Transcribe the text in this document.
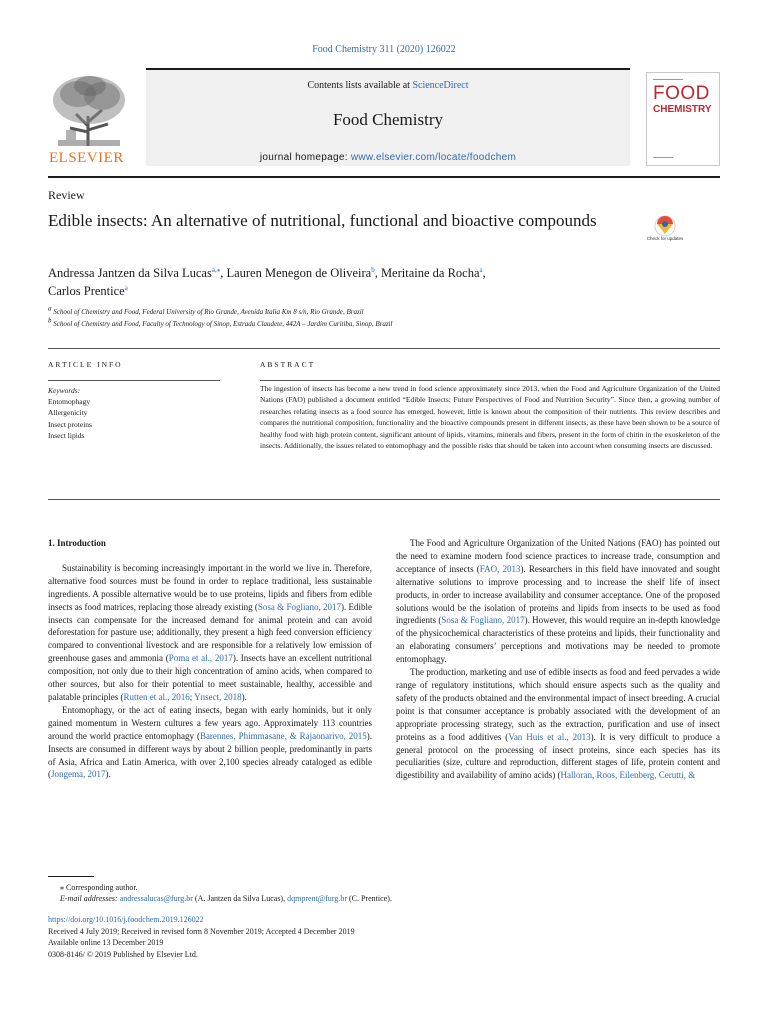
Food Chemistry 311 (2020) 126022
ELSEVIER
Contents lists available at ScienceDirect
Food Chemistry
journal homepage: www.elsevier.com/locate/foodchem
FOOD
CHEMISTRY
Review
Edible insects: An alternative of nutritional, functional and bioactive compounds
Check for updates
Andressa Jantzen da Silva Lucas$^{a,⁎}$, Lauren Menegon de Oliveira$^b$, Meritaine da Rocha$^a$,
Carlos Prentice$^a$
$^a$ School of Chemistry and Food, Federal University of Rio Grande, Avenida Italia Km 8 s/n, Rio Grande, Brazil
$^b$ School of Chemistry and Food, Faculty of Technology of Sinop, Estrada Claudete, 442A – Jardim Curitiba, Sinop, Brazil
ARTICLE INFO	ABSTRACT
Keywords:
Entomophagy
Allergenicity
Insect proteins
Insect lipids
The ingestion of insects has become a new trend in food science approximately since 2013, when the Food and Agriculture Organization of the United Nations (FAO) published a document entitled “Edible Insects: Future Perspectives of Food and Nutrition Security”. Since then, a growing number of researches relating insects as a food source has emerged, however, little is known about the composition of their nutrients. This review describes and compares the nutritional composition, functionality and the bioactive compounds present in different insects, as these have been shown to be a source of healthy food with high protein content, significant amount of lipids, vitamins, minerals and fibers, present in the form of chitin in the exoskeleton of the insects. Additionally, the issues related to entomophagy and the possible risks that should be taken into account when consuming insects are discussed.

1. Introduction

Sustainability is becoming increasingly important in the world we live in. Therefore, alternative food sources must be found in order to replace traditional, less sustainable ingredients. A possible alternative would be to use proteins, lipids and fibers from edible insects as food matrices, replacing those already existing (Sosa & Fogliano, 2017). Edible insects can compensate for the increased demand for animal protein and can avoid deforestation for pasture use; additionally, they present a high feed conversion efficiency compared to conventional livestock and are responsible for a relatively low emission of greenhouse gases and ammonia (Poma et al., 2017). Insects have an excellent nutritional composition, not only due to their high concentration of amino acids, when compared to other sources, but also for their potential to meet sustainable, healthy, accessible and palatable principles (Rutten et al., 2016; Ynsect, 2018).

Entomophagy, or the act of eating insects, began with early hominids, but it only gained momentum in Western cultures a few years ago. Approximately 113 countries around the world practice entomophagy (Barennes, Phimmasane, & Rajaonarivo, 2015). Insects are consumed in different ways by about 2 billion people, predominantly in parts of Asia, Africa and Latin America, with over 2,100 species already cataloged as edible (Jongema, 2017).

The Food and Agriculture Organization of the United Nations (FAO) has pointed out the need to examine modern food science practices to increase trade, consumption and acceptance of insects (FAO, 2013). Researchers in this field have innovated and sought alternative solutions to improve processing and to increase the shelf life of insect products, in order to increase availability and consumer acceptance. One of the proposed solutions would be the isolation of proteins and lipids from insects to be used as food ingredients (Sosa & Fogliano, 2017). However, this would require an in-depth knowledge of the physicochemical characteristics of these proteins and lipids, their functionality and an elaborating consumers’ perceptions and motivations may be needed to promote entomophagy.

The production, marketing and use of edible insects as food and feed pervades a wide range of regulatory institutions, which should ensure aspects such as the quality and safety of the products obtained and the environmental impact of insect breeding. A crucial point is that consumer acceptance is probably associated with the development of an appropriate processing strategy, such as the extraction, purification and use of insect proteins as a food additives (Van Huis et al., 2013). It is very difficult to produce a general protocol on the processing of insect proteins, since each species has its peculiarities (size, culture and reproduction, different stages of life, protein content and digestibility and availability of amino acids) (Halloran, Roos, Eilenberg, Cerutti, &

⁎ Corresponding author.
E-mail addresses: andressalucas@furg.br (A. Jantzen da Silva Lucas), dqmprent@furg.br (C. Prentice).
https://doi.org/10.1016/j.foodchem.2019.126022
Received 4 July 2019; Received in revised form 8 November 2019; Accepted 4 December 2019
Available online 13 December 2019
0308-8146/ © 2019 Published by Elsevier Ltd.
